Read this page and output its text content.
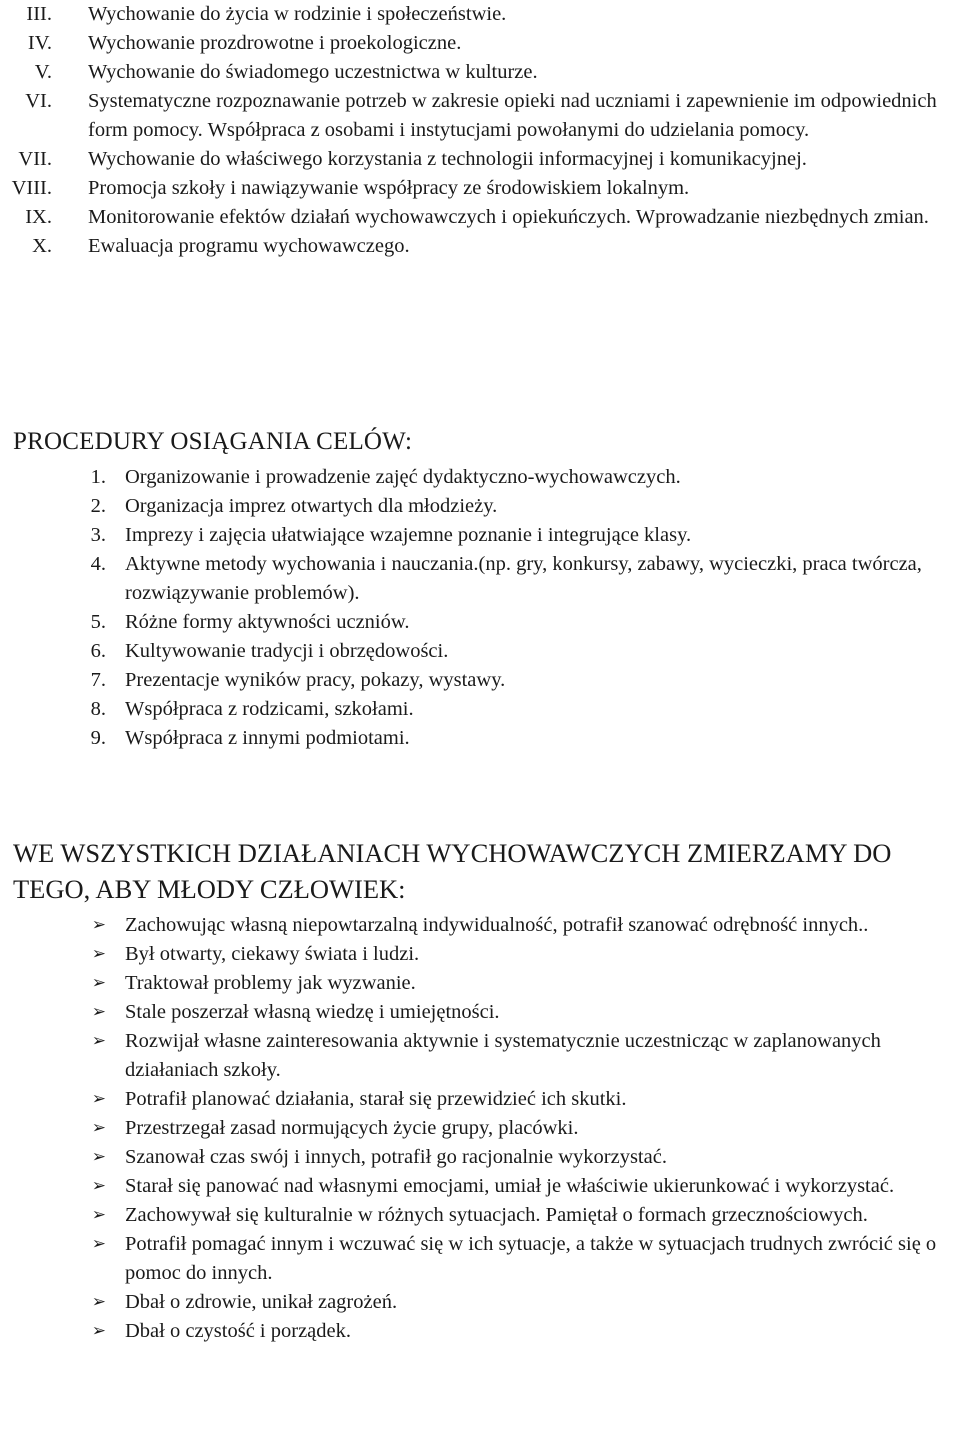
III. Wychowanie do życia w rodzinie i społeczeństwie.
IV. Wychowanie prozdrowotne i proekologiczne.
V. Wychowanie do świadomego uczestnictwa w kulturze.
VI. Systematyczne rozpoznawanie potrzeb w zakresie opieki nad uczniami i zapewnienie im odpowiednich form pomocy. Współpraca z osobami i instytucjami powołanymi do udzielania pomocy.
VII. Wychowanie do właściwego korzystania z technologii informacyjnej i komunikacyjnej.
VIII. Promocja szkoły i nawiązywanie współpracy ze środowiskiem lokalnym.
IX. Monitorowanie efektów działań wychowawczych i opiekuńczych. Wprowadzanie niezbędnych zmian.
X. Ewaluacja programu wychowawczego.
PROCEDURY OSIĄGANIA CELÓW:
1. Organizowanie i prowadzenie zajęć dydaktyczno-wychowawczych.
2. Organizacja imprez otwartych dla młodzieży.
3. Imprezy i zajęcia ułatwiające wzajemne poznanie i integrujące klasy.
4. Aktywne metody wychowania i nauczania.(np. gry, konkursy, zabawy, wycieczki, praca twórcza, rozwiązywanie problemów).
5. Różne formy aktywności uczniów.
6. Kultywowanie tradycji i obrzędowości.
7. Prezentacje wyników pracy, pokazy, wystawy.
8. Współpraca z rodzicami, szkołami.
9. Współpraca z innymi podmiotami.
WE WSZYSTKICH DZIAŁANIACH WYCHOWAWCZYCH ZMIERZAMY DO TEGO, ABY MŁODY CZŁOWIEK:
➢ Zachowując własną niepowtarzalną indywidualność, potrafił szanować odrębność innych..
➢ Był otwarty, ciekawy świata i ludzi.
➢ Traktował problemy jak wyzwanie.
➢ Stale poszerzał własną wiedzę i umiejętności.
➢ Rozwijał własne zainteresowania aktywnie i systematycznie uczestnicząc w zaplanowanych działaniach szkoły.
➢ Potrafił planować działania, starał się przewidzieć ich skutki.
➢ Przestrzegał zasad normujących życie grupy, placówki.
➢ Szanował czas swój i innych, potrafił go racjonalnie wykorzystać.
➢ Starał się panować nad własnymi emocjami, umiał je właściwie ukierunkować i wykorzystać.
➢ Zachowywał się kulturalnie w różnych sytuacjach. Pamiętał o formach grzecznościowych.
➢ Potrafił pomagać innym i wczuwać się w ich sytuacje, a także w sytuacjach trudnych zwrócić się o pomoc do innych.
➢ Dbał o zdrowie, unikał zagrożeń.
➢ Dbał o czystość i porządek.
